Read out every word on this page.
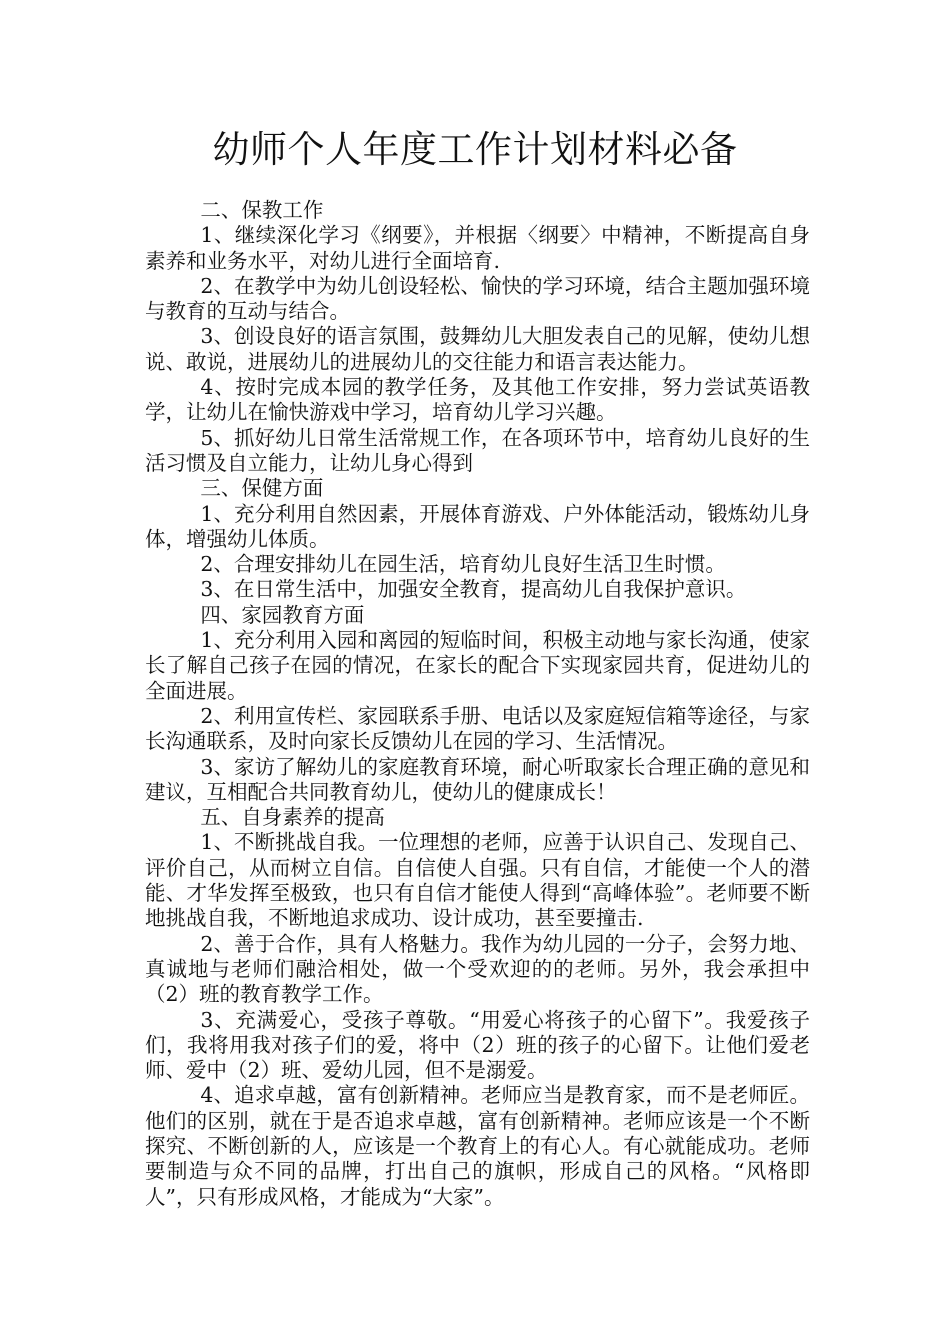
幼师个人年度工作计划材料必备

二、保教工作

1、继续深化学习《纲要》，并根据〈纲要〉中精神，不断提高自身素养和业务水平，对幼儿进行全面培育.

2、在教学中为幼儿创设轻松、愉快的学习环境，结合主题加强环境与教育的互动与结合。

3、创设良好的语言氛围，鼓舞幼儿大胆发表自己的见解，使幼儿想说、敢说，进展幼儿的进展幼儿的交往能力和语言表达能力。

4、按时完成本园的教学任务，及其他工作安排，努力尝试英语教学，让幼儿在愉快游戏中学习，培育幼儿学习兴趣。

5、抓好幼儿日常生活常规工作，在各项环节中，培育幼儿良好的生活习惯及自立能力，让幼儿身心得到

三、保健方面

1、充分利用自然因素，开展体育游戏、户外体能活动，锻炼幼儿身体，增强幼儿体质。

2、合理安排幼儿在园生活，培育幼儿良好生活卫生时惯。

3、在日常生活中，加强安全教育，提高幼儿自我保护意识。

四、家园教育方面

1、充分利用入园和离园的短临时间，积极主动地与家长沟通，使家长了解自己孩子在园的情况，在家长的配合下实现家园共育，促进幼儿的全面进展。

2、利用宣传栏、家园联系手册、电话以及家庭短信箱等途径，与家长沟通联系，及时向家长反馈幼儿在园的学习、生活情况。

3、家访了解幼儿的家庭教育环境，耐心听取家长合理正确的意见和建议，互相配合共同教育幼儿，使幼儿的健康成长！

五、自身素养的提高

1、不断挑战自我。一位理想的老师，应善于认识自己、发现自己、评价自己，从而树立自信。自信使人自强。只有自信，才能使一个人的潜能、才华发挥至极致，也只有自信才能使人得到“高峰体验”。老师要不断地挑战自我，不断地追求成功、设计成功，甚至要撞击.

2、善于合作，具有人格魅力。我作为幼儿园的一分子，会努力地、真诚地与老师们融洽相处，做一个受欢迎的的老师。另外，我会承担中（2）班的教育教学工作。

3、充满爱心，受孩子尊敬。“用爱心将孩子的心留下”。我爱孩子们，我将用我对孩子们的爱，将中（2）班的孩子的心留下。让他们爱老师、爱中（2）班、爱幼儿园，但不是溺爱。

4、追求卓越，富有创新精神。老师应当是教育家，而不是老师匠。他们的区别，就在于是否追求卓越，富有创新精神。老师应该是一个不断探究、不断创新的人，应该是一个教育上的有心人。有心就能成功。老师要制造与众不同的品牌，打出自己的旗帜，形成自己的风格。“风格即人”，只有形成风格，才能成为“大家”。
